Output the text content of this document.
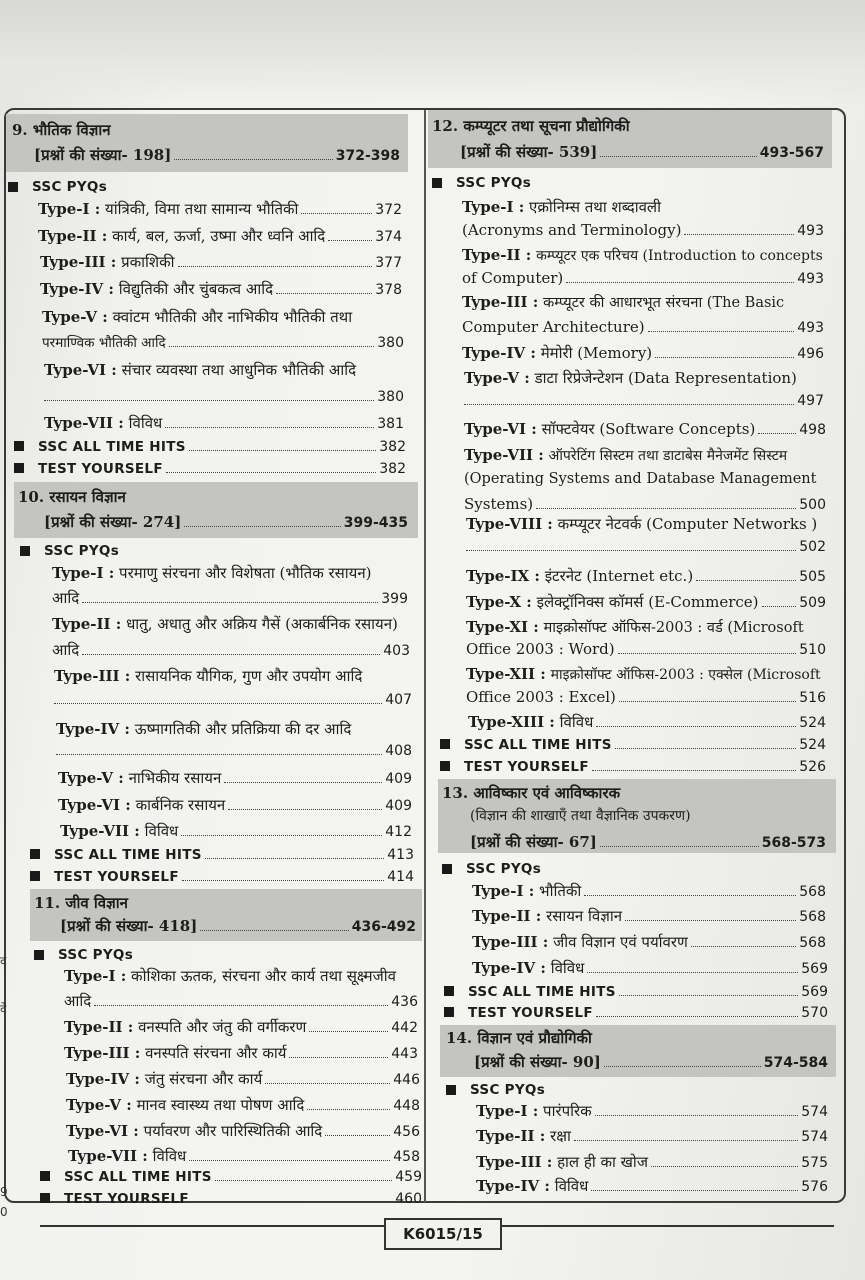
9. भौतिक विज्ञान
[प्रश्नों की संख्या- 198]	372-398
SSC PYQs
Type-I :
यांत्रिकी, विमा तथा सामान्य भौतिकी	372
Type-II :
कार्य, बल, ऊर्जा, उष्मा और ध्वनि आदि	374
Type-III :
प्रकाशिकी	377
Type-IV :
विद्युतिकी और चुंबकत्व आदि	378
Type-V : क्वांटम भौतिकी और नाभिकीय भौतिकी तथा
परमाण्विक भौतिकी आदि	380
Type-VI : संचार व्यवस्था तथा आधुनिक भौतिकी आदि
380
Type-VII :
विविध	381
SSC ALL TIME HITS	382
TEST YOURSELF	382
10. रसायन विज्ञान
[प्रश्नों की संख्या- 274]	399-435
SSC PYQs
Type-I : परमाणु संरचना और विशेषता (भौतिक रसायन)
आदि	399
Type-II : धातु, अधातु और अक्रिय गैसें (अकार्बनिक रसायन)
आदि	403
Type-III : रासायनिक यौगिक, गुण और उपयोग आदि
407
Type-IV : ऊष्मागतिकी और प्रतिक्रिया की दर आदि
408
Type-V :
नाभिकीय रसायन	409
Type-VI :
कार्बनिक रसायन	409
Type-VII :
विविध	412
SSC ALL TIME HITS	413
TEST YOURSELF	414
11. जीव विज्ञान
[प्रश्नों की संख्या- 418]	436-492
SSC PYQs
Type-I : कोशिका ऊतक, संरचना और कार्य तथा सूक्ष्मजीव
आदि	436
Type-II :
वनस्पति और जंतु की वर्गीकरण	442
Type-III :
वनस्पति संरचना और कार्य	443
Type-IV :
जंतु संरचना और कार्य	446
Type-V :
मानव स्वास्थ्य तथा पोषण आदि	448
Type-VI :
पर्यावरण और पारिस्थितिकी आदि	456
Type-VII :
विविध	458
SSC ALL TIME HITS	459
TEST YOURSELF	460
12. कम्प्यूटर तथा सूचना प्रौद्योगिकी
[प्रश्नों की संख्या- 539]	493-567
SSC PYQs
Type-I : एक्रोनिम्स तथा शब्दावली
(Acronyms and Terminology)	493
Type-II : कम्प्यूटर एक परिचय (Introduction to concepts
of Computer)	493
Type-III : कम्प्यूटर की आधारभूत संरचना (The Basic
Computer Architecture)	493
Type-IV :
मेमोरी (Memory)	496
Type-V : डाटा रिप्रेजेन्टेशन (Data Representation)
497
Type-VI :
सॉफ्टवेयर (Software Concepts)	498
Type-VII : ऑपरेटिंग सिस्टम तथा डाटाबेस मैनेजमेंट सिस्टम
(Operating Systems and Database Management
Systems)	500
Type-VIII : कम्प्यूटर नेटवर्क (Computer Networks )
502
Type-IX :
इंटरनेट (Internet etc.)	505
Type-X :
इलेक्ट्रॉनिक्स कॉमर्स (E-Commerce)	509
Type-XI : माइक्रोसॉफ्ट ऑफिस-2003 : वर्ड (Microsoft
Office 2003 : Word)	510
Type-XII : माइक्रोसॉफ्ट ऑफिस-2003 : एक्सेल (Microsoft
Office 2003 : Excel)	516
Type-XIII :
विविध	524
SSC ALL TIME HITS	524
TEST YOURSELF	526
13. आविष्कार एवं आविष्कारक
(विज्ञान की शाखाएँ तथा वैज्ञानिक उपकरण)
[प्रश्नों की संख्या- 67]	568-573
SSC PYQs
Type-I :
भौतिकी	568
Type-II :
रसायन विज्ञान	568
Type-III :
जीव विज्ञान एवं पर्यावरण	568
Type-IV :
विविध	569
SSC ALL TIME HITS	569
TEST YOURSELF	570
14. विज्ञान एवं प्रौद्योगिकी
[प्रश्नों की संख्या- 90]	574-584
SSC PYQs
Type-I :
पारंपरिक	574
Type-II :
रक्षा	574
Type-III :
हाल ही का खोज	575
Type-IV :
विविध	576
K6015/15
द
दे
9
0
